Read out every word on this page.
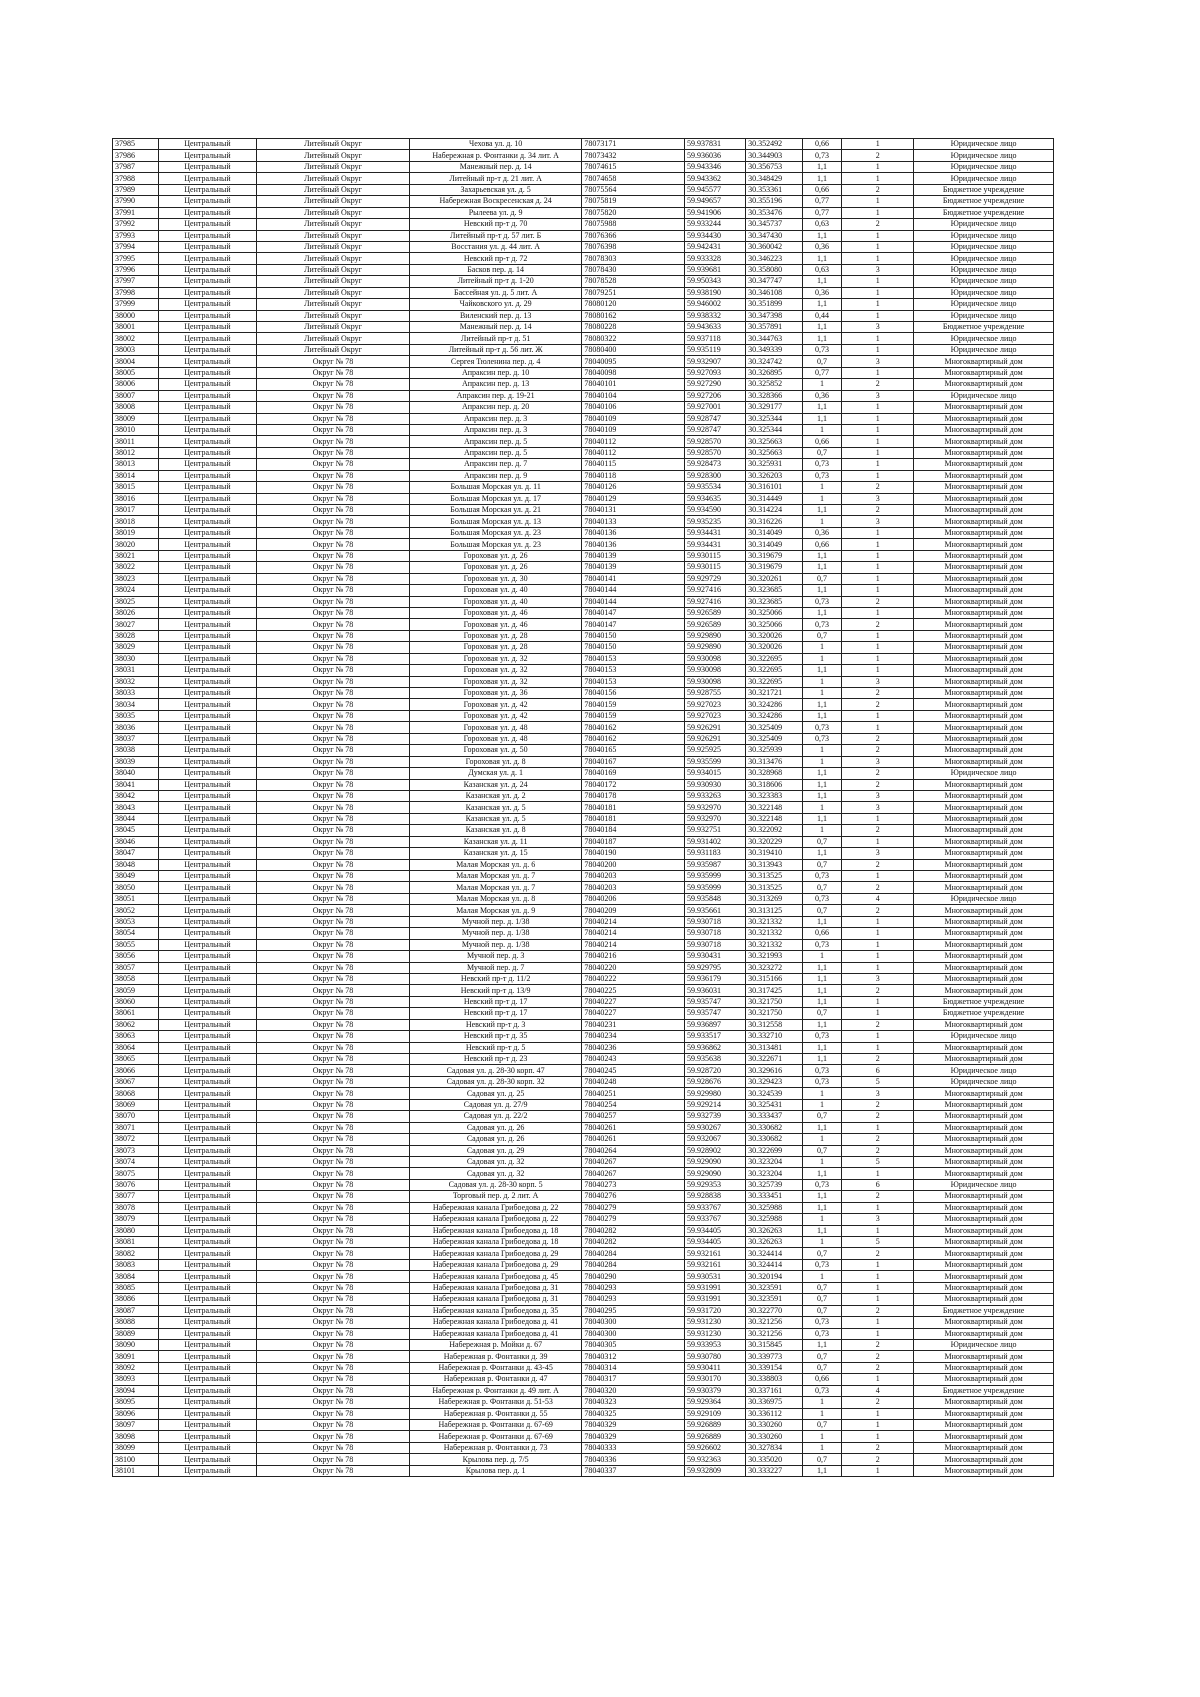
37985	Центральный	Литейный Округ	Чехова ул. д. 10	78073171	59.937831	30.352492	0,66	1	Юридическое лицо
37986	Центральный	Литейный Округ	Набережная р. Фонтанки д. 34 лит. А	78073432	59.936036	30.344903	0,73	2	Юридическое лицо
37987	Центральный	Литейный Округ	Манежный пер. д. 14	78074615	59.943346	30.356753	1,1	1	Юридическое лицо
37988	Центральный	Литейный Округ	Литейный пр-т д. 21 лит. А	78074658	59.943362	30.348429	1,1	1	Юридическое лицо
37989	Центральный	Литейный Округ	Захарьевская ул. д. 5	78075564	59.945577	30.353361	0,66	2	Бюджетное учреждение
37990	Центральный	Литейный Округ	Набережная Воскресенская д. 24	78075819	59.949657	30.355196	0,77	1	Бюджетное учреждение
37991	Центральный	Литейный Округ	Рылеева ул. д. 9	78075820	59.941906	30.353476	0,77	1	Бюджетное учреждение
37992	Центральный	Литейный Округ	Невский пр-т д. 70	78075988	59.933244	30.345737	0,63	2	Юридическое лицо
37993	Центральный	Литейный Округ	Литейный пр-т д. 57 лит. Б	78076366	59.934430	30.347430	1,1	1	Юридическое лицо
37994	Центральный	Литейный Округ	Восстания ул. д. 44 лит. А	78076398	59.942431	30.360042	0,36	1	Юридическое лицо
37995	Центральный	Литейный Округ	Невский пр-т д. 72	78078303	59.933328	30.346223	1,1	1	Юридическое лицо
37996	Центральный	Литейный Округ	Басков пер. д. 14	78078430	59.939681	30.358080	0,63	3	Юридическое лицо
37997	Центральный	Литейный Округ	Литейный пр-т д. 1-20	78078528	59.950343	30.347747	1,1	1	Юридическое лицо
37998	Центральный	Литейный Округ	Бассейная ул. д. 5 лит. А	78079251	59.938190	30.346108	0,36	1	Юридическое лицо
37999	Центральный	Литейный Округ	Чайковского ул. д. 29	78080120	59.946002	30.351899	1,1	1	Юридическое лицо
38000	Центральный	Литейный Округ	Виленский пер. д. 13	78080162	59.938332	30.347398	0,44	1	Юридическое лицо
38001	Центральный	Литейный Округ	Манежный пер. д. 14	78080228	59.943633	30.357891	1,1	3	Бюджетное учреждение
38002	Центральный	Литейный Округ	Литейный пр-т д. 51	78080322	59.937118	30.344763	1,1	1	Юридическое лицо
38003	Центральный	Литейный Округ	Литейный пр-т д. 56 лит. Ж	78080400	59.935119	30.349339	0,73	1	Юридическое лицо
38004	Центральный	Округ № 78	Сергея Тюленина пер. д. 4	78040095	59.932907	30.324742	0,7	3	Многоквартирный дом
38005	Центральный	Округ № 78	Апраксин пер. д. 10	78040098	59.927093	30.326895	0,77	1	Многоквартирный дом
38006	Центральный	Округ № 78	Апраксин пер. д. 13	78040101	59.927290	30.325852	1	2	Многоквартирный дом
38007	Центральный	Округ № 78	Апраксин пер. д. 19-21	78040104	59.927206	30.328366	0,36	3	Юридическое лицо
38008	Центральный	Округ № 78	Апраксин пер. д. 20	78040106	59.927001	30.329177	1,1	1	Многоквартирный дом
38009	Центральный	Округ № 78	Апраксин пер. д. 3	78040109	59.928747	30.325344	1,1	1	Многоквартирный дом
38010	Центральный	Округ № 78	Апраксин пер. д. 3	78040109	59.928747	30.325344	1	1	Многоквартирный дом
38011	Центральный	Округ № 78	Апраксин пер. д. 5	78040112	59.928570	30.325663	0,66	1	Многоквартирный дом
38012	Центральный	Округ № 78	Апраксин пер. д. 5	78040112	59.928570	30.325663	0,7	1	Многоквартирный дом
38013	Центральный	Округ № 78	Апраксин пер. д. 7	78040115	59.928473	30.325931	0,73	1	Многоквартирный дом
38014	Центральный	Округ № 78	Апраксин пер. д. 9	78040118	59.928300	30.326203	0,73	1	Многоквартирный дом
38015	Центральный	Округ № 78	Большая Морская ул. д. 11	78040126	59.935534	30.316101	1	2	Многоквартирный дом
38016	Центральный	Округ № 78	Большая Морская ул. д. 17	78040129	59.934635	30.314449	1	3	Многоквартирный дом
38017	Центральный	Округ № 78	Большая Морская ул. д. 21	78040131	59.934590	30.314224	1,1	2	Многоквартирный дом
38018	Центральный	Округ № 78	Большая Морская ул. д. 13	78040133	59.935235	30.316226	1	3	Многоквартирный дом
38019	Центральный	Округ № 78	Большая Морская ул. д. 23	78040136	59.934431	30.314049	0,36	1	Многоквартирный дом
38020	Центральный	Округ № 78	Большая Морская ул. д. 23	78040136	59.934431	30.314049	0,66	1	Многоквартирный дом
38021	Центральный	Округ № 78	Гороховая ул. д. 26	78040139	59.930115	30.319679	1,1	1	Многоквартирный дом
38022	Центральный	Округ № 78	Гороховая ул. д. 26	78040139	59.930115	30.319679	1,1	1	Многоквартирный дом
38023	Центральный	Округ № 78	Гороховая ул. д. 30	78040141	59.929729	30.320261	0,7	1	Многоквартирный дом
38024	Центральный	Округ № 78	Гороховая ул. д. 40	78040144	59.927416	30.323685	1,1	1	Многоквартирный дом
38025	Центральный	Округ № 78	Гороховая ул. д. 40	78040144	59.927416	30.323685	0,73	2	Многоквартирный дом
38026	Центральный	Округ № 78	Гороховая ул. д. 46	78040147	59.926589	30.325066	1,1	1	Многоквартирный дом
38027	Центральный	Округ № 78	Гороховая ул. д. 46	78040147	59.926589	30.325066	0,73	2	Многоквартирный дом
38028	Центральный	Округ № 78	Гороховая ул. д. 28	78040150	59.929890	30.320026	0,7	1	Многоквартирный дом
38029	Центральный	Округ № 78	Гороховая ул. д. 28	78040150	59.929890	30.320026	1	1	Многоквартирный дом
38030	Центральный	Округ № 78	Гороховая ул. д. 32	78040153	59.930098	30.322695	1	1	Многоквартирный дом
38031	Центральный	Округ № 78	Гороховая ул. д. 32	78040153	59.930098	30.322695	1,1	1	Многоквартирный дом
38032	Центральный	Округ № 78	Гороховая ул. д. 32	78040153	59.930098	30.322695	1	3	Многоквартирный дом
38033	Центральный	Округ № 78	Гороховая ул. д. 36	78040156	59.928755	30.321721	1	2	Многоквартирный дом
38034	Центральный	Округ № 78	Гороховая ул. д. 42	78040159	59.927023	30.324286	1,1	2	Многоквартирный дом
38035	Центральный	Округ № 78	Гороховая ул. д. 42	78040159	59.927023	30.324286	1,1	1	Многоквартирный дом
38036	Центральный	Округ № 78	Гороховая ул. д. 48	78040162	59.926291	30.325409	0,73	1	Многоквартирный дом
38037	Центральный	Округ № 78	Гороховая ул. д. 48	78040162	59.926291	30.325409	0,73	2	Многоквартирный дом
38038	Центральный	Округ № 78	Гороховая ул. д. 50	78040165	59.925925	30.325939	1	2	Многоквартирный дом
38039	Центральный	Округ № 78	Гороховая ул. д. 8	78040167	59.935599	30.313476	1	3	Многоквартирный дом
38040	Центральный	Округ № 78	Думская ул. д. 1	78040169	59.934015	30.328968	1,1	2	Юридическое лицо
38041	Центральный	Округ № 78	Казанская ул. д. 24	78040172	59.930930	30.318606	1,1	2	Многоквартирный дом
38042	Центральный	Округ № 78	Казанская ул. д. 2	78040178	59.933263	30.323383	1,1	3	Многоквартирный дом
38043	Центральный	Округ № 78	Казанская ул. д. 5	78040181	59.932970	30.322148	1	3	Многоквартирный дом
38044	Центральный	Округ № 78	Казанская ул. д. 5	78040181	59.932970	30.322148	1,1	1	Многоквартирный дом
38045	Центральный	Округ № 78	Казанская ул. д. 8	78040184	59.932751	30.322092	1	2	Многоквартирный дом
38046	Центральный	Округ № 78	Казанская ул. д. 11	78040187	59.931402	30.320229	0,7	1	Многоквартирный дом
38047	Центральный	Округ № 78	Казанская ул. д. 15	78040190	59.931183	30.319410	1,1	3	Многоквартирный дом
38048	Центральный	Округ № 78	Малая Морская ул. д. 6	78040200	59.935987	30.313943	0,7	2	Многоквартирный дом
38049	Центральный	Округ № 78	Малая Морская ул. д. 7	78040203	59.935999	30.313525	0,73	1	Многоквартирный дом
38050	Центральный	Округ № 78	Малая Морская ул. д. 7	78040203	59.935999	30.313525	0,7	2	Многоквартирный дом
38051	Центральный	Округ № 78	Малая Морская ул. д. 8	78040206	59.935848	30.313269	0,73	4	Юридическое лицо
38052	Центральный	Округ № 78	Малая Морская ул. д. 9	78040209	59.935661	30.313125	0,7	2	Многоквартирный дом
38053	Центральный	Округ № 78	Мучной пер. д. 1/38	78040214	59.930718	30.321332	1,1	1	Многоквартирный дом
38054	Центральный	Округ № 78	Мучной пер. д. 1/38	78040214	59.930718	30.321332	0,66	1	Многоквартирный дом
38055	Центральный	Округ № 78	Мучной пер. д. 1/38	78040214	59.930718	30.321332	0,73	1	Многоквартирный дом
38056	Центральный	Округ № 78	Мучной пер. д. 3	78040216	59.930431	30.321993	1	1	Многоквартирный дом
38057	Центральный	Округ № 78	Мучной пер. д. 7	78040220	59.929795	30.323272	1,1	1	Многоквартирный дом
38058	Центральный	Округ № 78	Невский пр-т д. 11/2	78040222	59.936179	30.315166	1,1	3	Многоквартирный дом
38059	Центральный	Округ № 78	Невский пр-т д. 13/9	78040225	59.936031	30.317425	1,1	2	Многоквартирный дом
38060	Центральный	Округ № 78	Невский пр-т д. 17	78040227	59.935747	30.321750	1,1	1	Бюджетное учреждение
38061	Центральный	Округ № 78	Невский пр-т д. 17	78040227	59.935747	30.321750	0,7	1	Бюджетное учреждение
38062	Центральный	Округ № 78	Невский пр-т д. 3	78040231	59.936897	30.312558	1,1	2	Многоквартирный дом
38063	Центральный	Округ № 78	Невский пр-т д. 35	78040234	59.933517	30.332710	0,73	1	Юридическое лицо
38064	Центральный	Округ № 78	Невский пр-т д. 5	78040236	59.936862	30.313481	1,1	1	Многоквартирный дом
38065	Центральный	Округ № 78	Невский пр-т д. 23	78040243	59.935638	30.322671	1,1	2	Многоквартирный дом
38066	Центральный	Округ № 78	Садовая ул. д. 28-30 корп. 47	78040245	59.928720	30.329616	0,73	6	Юридическое лицо
38067	Центральный	Округ № 78	Садовая ул. д. 28-30 корп. 32	78040248	59.928676	30.329423	0,73	5	Юридическое лицо
38068	Центральный	Округ № 78	Садовая ул. д. 25	78040251	59.929980	30.324539	1	3	Многоквартирный дом
38069	Центральный	Округ № 78	Садовая ул. д. 27/9	78040254	59.929214	30.325431	1	2	Многоквартирный дом
38070	Центральный	Округ № 78	Садовая ул. д. 22/2	78040257	59.932739	30.333437	0,7	2	Многоквартирный дом
38071	Центральный	Округ № 78	Садовая ул. д. 26	78040261	59.930267	30.330682	1,1	1	Многоквартирный дом
38072	Центральный	Округ № 78	Садовая ул. д. 26	78040261	59.932067	30.330682	1	2	Многоквартирный дом
38073	Центральный	Округ № 78	Садовая ул. д. 29	78040264	59.928902	30.322699	0,7	2	Многоквартирный дом
38074	Центральный	Округ № 78	Садовая ул. д. 32	78040267	59.929090	30.323204	1	5	Многоквартирный дом
38075	Центральный	Округ № 78	Садовая ул. д. 32	78040267	59.929090	30.323204	1,1	1	Многоквартирный дом
38076	Центральный	Округ № 78	Садовая ул. д. 28-30 корп. 5	78040273	59.929353	30.325739	0,73	6	Юридическое лицо
38077	Центральный	Округ № 78	Торговый пер. д. 2 лит. А	78040276	59.928838	30.333451	1,1	2	Многоквартирный дом
38078	Центральный	Округ № 78	Набережная канала Грибоедова д. 22	78040279	59.933767	30.325988	1,1	1	Многоквартирный дом
38079	Центральный	Округ № 78	Набережная канала Грибоедова д. 22	78040279	59.933767	30.325988	1	3	Многоквартирный дом
38080	Центральный	Округ № 78	Набережная канала Грибоедова д. 18	78040282	59.934405	30.326263	1,1	1	Многоквартирный дом
38081	Центральный	Округ № 78	Набережная канала Грибоедова д. 18	78040282	59.934405	30.326263	1	5	Многоквартирный дом
38082	Центральный	Округ № 78	Набережная канала Грибоедова д. 29	78040284	59.932161	30.324414	0,7	2	Многоквартирный дом
38083	Центральный	Округ № 78	Набережная канала Грибоедова д. 29	78040284	59.932161	30.324414	0,73	1	Многоквартирный дом
38084	Центральный	Округ № 78	Набережная канала Грибоедова д. 45	78040290	59.930531	30.320194	1	1	Многоквартирный дом
38085	Центральный	Округ № 78	Набережная канала Грибоедова д. 31	78040293	59.931991	30.323591	0,7	1	Многоквартирный дом
38086	Центральный	Округ № 78	Набережная канала Грибоедова д. 31	78040293	59.931991	30.323591	0,7	1	Многоквартирный дом
38087	Центральный	Округ № 78	Набережная канала Грибоедова д. 35	78040295	59.931720	30.322770	0,7	2	Бюджетное учреждение
38088	Центральный	Округ № 78	Набережная канала Грибоедова д. 41	78040300	59.931230	30.321256	0,73	1	Многоквартирный дом
38089	Центральный	Округ № 78	Набережная канала Грибоедова д. 41	78040300	59.931230	30.321256	0,73	1	Многоквартирный дом
38090	Центральный	Округ № 78	Набережная р. Мойки д. 67	78040305	59.933953	30.315845	1,1	2	Юридическое лицо
38091	Центральный	Округ № 78	Набережная р. Фонтанки д. 39	78040312	59.930780	30.339773	0,7	2	Многоквартирный дом
38092	Центральный	Округ № 78	Набережная р. Фонтанки д. 43-45	78040314	59.930411	30.339154	0,7	2	Многоквартирный дом
38093	Центральный	Округ № 78	Набережная р. Фонтанки д. 47	78040317	59.930170	30.338803	0,66	1	Многоквартирный дом
38094	Центральный	Округ № 78	Набережная р. Фонтанки д. 49 лит. А	78040320	59.930379	30.337161	0,73	4	Бюджетное учреждение
38095	Центральный	Округ № 78	Набережная р. Фонтанки д. 51-53	78040323	59.929364	30.336975	1	2	Многоквартирный дом
38096	Центральный	Округ № 78	Набережная р. Фонтанки д. 55	78040325	59.929109	30.336112	1	1	Многоквартирный дом
38097	Центральный	Округ № 78	Набережная р. Фонтанки д. 67-69	78040329	59.926889	30.330260	0,7	1	Многоквартирный дом
38098	Центральный	Округ № 78	Набережная р. Фонтанки д. 67-69	78040329	59.926889	30.330260	1	1	Многоквартирный дом
38099	Центральный	Округ № 78	Набережная р. Фонтанки д. 73	78040333	59.926602	30.327834	1	2	Многоквартирный дом
38100	Центральный	Округ № 78	Крылова пер. д. 7/5	78040336	59.932363	30.335020	0,7	2	Многоквартирный дом
38101	Центральный	Округ № 78	Крылова пер. д. 1	78040337	59.932809	30.333227	1,1	1	Многоквартирный дом
